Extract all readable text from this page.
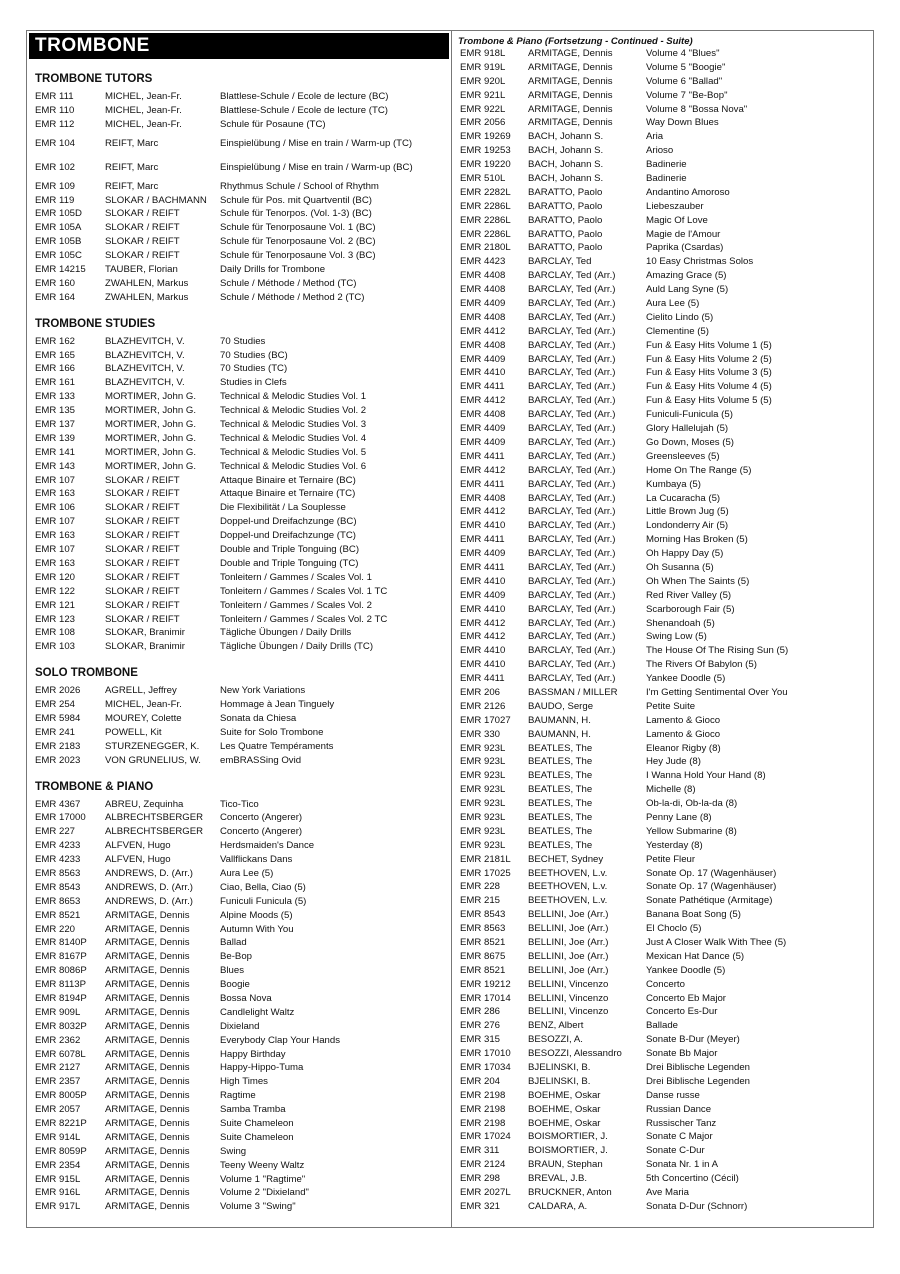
TROMBONE
TROMBONE TUTORS
EMR 111	MICHEL, Jean-Fr.	Blattlese-Schule / Ecole de lecture (BC)
EMR 110	MICHEL, Jean-Fr.	Blattlese-Schule / Ecole de lecture (TC)
EMR 112	MICHEL, Jean-Fr.	Schule für Posaune (TC)
EMR 104	REIFT, Marc	Einspielübung / Mise en train / Warm-up (TC)
EMR 102	REIFT, Marc	Einspielübung / Mise en train / Warm-up (BC)
EMR 109	REIFT, Marc	Rhythmus Schule / School of Rhythm
EMR 119	SLOKAR / BACHMANN	Schule für Pos. mit Quartventil (BC)
EMR 105D	SLOKAR / REIFT	Schule für Tenorpos. (Vol. 1-3) (BC)
EMR 105A	SLOKAR / REIFT	Schule für Tenorposaune Vol. 1 (BC)
EMR 105B	SLOKAR / REIFT	Schule für Tenorposaune Vol. 2 (BC)
EMR 105C	SLOKAR / REIFT	Schule für Tenorposaune Vol. 3 (BC)
EMR 14215	TAUBER, Florian	Daily Drills for Trombone
EMR 160	ZWAHLEN, Markus	Schule / Méthode / Method (TC)
EMR 164	ZWAHLEN, Markus	Schule / Méthode / Method 2 (TC)
TROMBONE STUDIES
EMR 162	BLAZHEVITCH, V.	70 Studies
EMR 165	BLAZHEVITCH, V.	70 Studies (BC)
EMR 166	BLAZHEVITCH, V.	70 Studies (TC)
EMR 161	BLAZHEVITCH, V.	Studies in Clefs
EMR 133	MORTIMER, John G.	Technical & Melodic Studies Vol. 1
EMR 135	MORTIMER, John G.	Technical & Melodic Studies Vol. 2
EMR 137	MORTIMER, John G.	Technical & Melodic Studies Vol. 3
EMR 139	MORTIMER, John G.	Technical & Melodic Studies Vol. 4
EMR 141	MORTIMER, John G.	Technical & Melodic Studies Vol. 5
EMR 143	MORTIMER, John G.	Technical & Melodic Studies Vol. 6
EMR 107	SLOKAR / REIFT	Attaque Binaire et Ternaire (BC)
EMR 163	SLOKAR / REIFT	Attaque Binaire et Ternaire (TC)
EMR 106	SLOKAR / REIFT	Die Flexibilität / La Souplesse
EMR 107	SLOKAR / REIFT	Doppel-und Dreifachzunge (BC)
EMR 163	SLOKAR / REIFT	Doppel-und Dreifachzunge (TC)
EMR 107	SLOKAR / REIFT	Double and Triple Tonguing (BC)
EMR 163	SLOKAR / REIFT	Double and Triple Tonguing (TC)
EMR 120	SLOKAR / REIFT	Tonleitern / Gammes / Scales Vol. 1
EMR 122	SLOKAR / REIFT	Tonleitern / Gammes / Scales Vol. 1 TC
EMR 121	SLOKAR / REIFT	Tonleitern / Gammes / Scales Vol. 2
EMR 123	SLOKAR / REIFT	Tonleitern / Gammes / Scales Vol. 2 TC
EMR 108	SLOKAR, Branimir	Tägliche Übungen / Daily Drills
EMR 103	SLOKAR, Branimir	Tägliche Übungen / Daily Drills (TC)
SOLO TROMBONE
EMR 2026	AGRELL, Jeffrey	New York Variations
EMR 254	MICHEL, Jean-Fr.	Hommage à Jean Tinguely
EMR 5984	MOUREY, Colette	Sonata da Chiesa
EMR 241	POWELL, Kit	Suite for Solo Trombone
EMR 2183	STURZENEGGER, K.	Les Quatre Tempéraments
EMR 2023	VON GRUNELIUS, W.	emBRASSing Ovid
TROMBONE & PIANO
EMR 4367	ABREU, Zequinha	Tico-Tico
EMR 17000	ALBRECHTSBERGER	Concerto (Angerer)
EMR 227	ALBRECHTSBERGER	Concerto (Angerer)
EMR 4233	ALFVEN, Hugo	Herdsmaiden's Dance
EMR 4233	ALFVEN, Hugo	Vallflickans Dans
EMR 8563	ANDREWS, D. (Arr.)	Aura Lee (5)
EMR 8543	ANDREWS, D. (Arr.)	Ciao, Bella, Ciao (5)
EMR 8653	ANDREWS, D. (Arr.)	Funiculi Funicula (5)
EMR 8521	ARMITAGE, Dennis	Alpine Moods (5)
EMR 220	ARMITAGE, Dennis	Autumn With You
EMR 8140P	ARMITAGE, Dennis	Ballad
EMR 8167P	ARMITAGE, Dennis	Be-Bop
EMR 8086P	ARMITAGE, Dennis	Blues
EMR 8113P	ARMITAGE, Dennis	Boogie
EMR 8194P	ARMITAGE, Dennis	Bossa Nova
EMR 909L	ARMITAGE, Dennis	Candlelight Waltz
EMR 8032P	ARMITAGE, Dennis	Dixieland
EMR 2362	ARMITAGE, Dennis	Everybody Clap Your Hands
EMR 6078L	ARMITAGE, Dennis	Happy Birthday
EMR 2127	ARMITAGE, Dennis	Happy-Hippo-Tuma
EMR 2357	ARMITAGE, Dennis	High Times
EMR 8005P	ARMITAGE, Dennis	Ragtime
EMR 2057	ARMITAGE, Dennis	Samba Tramba
EMR 8221P	ARMITAGE, Dennis	Suite Chameleon
EMR 914L	ARMITAGE, Dennis	Suite Chameleon
EMR 8059P	ARMITAGE, Dennis	Swing
EMR 2354	ARMITAGE, Dennis	Teeny Weeny Waltz
EMR 915L	ARMITAGE, Dennis	Volume 1 "Ragtime"
EMR 916L	ARMITAGE, Dennis	Volume 2 "Dixieland"
EMR 917L	ARMITAGE, Dennis	Volume 3 "Swing"
Trombone & Piano (Fortsetzung - Continued - Suite)
EMR 918L	ARMITAGE, Dennis	Volume 4 "Blues"
EMR 919L	ARMITAGE, Dennis	Volume 5 "Boogie"
EMR 920L	ARMITAGE, Dennis	Volume 6 "Ballad"
EMR 921L	ARMITAGE, Dennis	Volume 7 "Be-Bop"
EMR 922L	ARMITAGE, Dennis	Volume 8 "Bossa Nova"
EMR 2056	ARMITAGE, Dennis	Way Down Blues
EMR 19269	BACH, Johann S.	Aria
EMR 19253	BACH, Johann S.	Arioso
EMR 19220	BACH, Johann S.	Badinerie
EMR 510L	BACH, Johann S.	Badinerie
EMR 2282L	BARATTO, Paolo	Andantino Amoroso
EMR 2286L	BARATTO, Paolo	Liebeszauber
EMR 2286L	BARATTO, Paolo	Magic Of Love
EMR 2286L	BARATTO, Paolo	Magie de l'Amour
EMR 2180L	BARATTO, Paolo	Paprika (Csardas)
EMR 4423	BARCLAY, Ted	10 Easy Christmas Solos
EMR 4408	BARCLAY, Ted (Arr.)	Amazing Grace (5)
EMR 4408	BARCLAY, Ted (Arr.)	Auld Lang Syne (5)
EMR 4409	BARCLAY, Ted (Arr.)	Aura Lee (5)
EMR 4408	BARCLAY, Ted (Arr.)	Cielito Lindo (5)
EMR 4412	BARCLAY, Ted (Arr.)	Clementine (5)
EMR 4408	BARCLAY, Ted (Arr.)	Fun & Easy Hits Volume 1 (5)
EMR 4409	BARCLAY, Ted (Arr.)	Fun & Easy Hits Volume 2 (5)
EMR 4410	BARCLAY, Ted (Arr.)	Fun & Easy Hits Volume 3 (5)
EMR 4411	BARCLAY, Ted (Arr.)	Fun & Easy Hits Volume 4 (5)
EMR 4412	BARCLAY, Ted (Arr.)	Fun & Easy Hits Volume 5 (5)
EMR 4408	BARCLAY, Ted (Arr.)	Funiculi-Funicula (5)
EMR 4409	BARCLAY, Ted (Arr.)	Glory Hallelujah (5)
EMR 4409	BARCLAY, Ted (Arr.)	Go Down, Moses (5)
EMR 4411	BARCLAY, Ted (Arr.)	Greensleeves (5)
EMR 4412	BARCLAY, Ted (Arr.)	Home On The Range (5)
EMR 4411	BARCLAY, Ted (Arr.)	Kumbaya (5)
EMR 4408	BARCLAY, Ted (Arr.)	La Cucaracha (5)
EMR 4412	BARCLAY, Ted (Arr.)	Little Brown Jug (5)
EMR 4410	BARCLAY, Ted (Arr.)	Londonderry Air (5)
EMR 4411	BARCLAY, Ted (Arr.)	Morning Has Broken (5)
EMR 4409	BARCLAY, Ted (Arr.)	Oh Happy Day (5)
EMR 4411	BARCLAY, Ted (Arr.)	Oh Susanna (5)
EMR 4410	BARCLAY, Ted (Arr.)	Oh When The Saints (5)
EMR 4409	BARCLAY, Ted (Arr.)	Red River Valley (5)
EMR 4410	BARCLAY, Ted (Arr.)	Scarborough Fair (5)
EMR 4412	BARCLAY, Ted (Arr.)	Shenandoah (5)
EMR 4412	BARCLAY, Ted (Arr.)	Swing Low (5)
EMR 4410	BARCLAY, Ted (Arr.)	The House Of The Rising Sun (5)
EMR 4410	BARCLAY, Ted (Arr.)	The Rivers Of Babylon (5)
EMR 4411	BARCLAY, Ted (Arr.)	Yankee Doodle (5)
EMR 206	BASSMAN / MILLER	I'm Getting Sentimental Over You
EMR 2126	BAUDO, Serge	Petite Suite
EMR 17027	BAUMANN, H.	Lamento & Gioco
EMR 330	BAUMANN, H.	Lamento & Gioco
EMR 923L	BEATLES, The	Eleanor Rigby (8)
EMR 923L	BEATLES, The	Hey Jude (8)
EMR 923L	BEATLES, The	I Wanna Hold Your Hand (8)
EMR 923L	BEATLES, The	Michelle (8)
EMR 923L	BEATLES, The	Ob-la-di, Ob-la-da (8)
EMR 923L	BEATLES, The	Penny Lane (8)
EMR 923L	BEATLES, The	Yellow Submarine (8)
EMR 923L	BEATLES, The	Yesterday (8)
EMR 2181L	BECHET, Sydney	Petite Fleur
EMR 17025	BEETHOVEN, L.v.	Sonate Op. 17 (Wagenhäuser)
EMR 228	BEETHOVEN, L.v.	Sonate Op. 17 (Wagenhäuser)
EMR 215	BEETHOVEN, L.v.	Sonate Pathétique (Armitage)
EMR 8543	BELLINI, Joe (Arr.)	Banana Boat Song (5)
EMR 8563	BELLINI, Joe (Arr.)	El Choclo (5)
EMR 8521	BELLINI, Joe (Arr.)	Just A Closer Walk With Thee (5)
EMR 8675	BELLINI, Joe (Arr.)	Mexican Hat Dance (5)
EMR 8521	BELLINI, Joe (Arr.)	Yankee Doodle (5)
EMR 19212	BELLINI, Vincenzo	Concerto
EMR 17014	BELLINI, Vincenzo	Concerto Eb Major
EMR 286	BELLINI, Vincenzo	Concerto Es-Dur
EMR 276	BENZ, Albert	Ballade
EMR 315	BESOZZI, A.	Sonate B-Dur (Meyer)
EMR 17010	BESOZZI, Alessandro	Sonate Bb Major
EMR 17034	BJELINSKI, B.	Drei Biblische Legenden
EMR 204	BJELINSKI, B.	Drei Biblische Legenden
EMR 2198	BOEHME, Oskar	Danse russe
EMR 2198	BOEHME, Oskar	Russian Dance
EMR 2198	BOEHME, Oskar	Russischer Tanz
EMR 17024	BOISMORTIER, J.	Sonate C Major
EMR 311	BOISMORTIER, J.	Sonate C-Dur
EMR 2124	BRAUN, Stephan	Sonata Nr. 1 in A
EMR 298	BREVAL, J.B.	5th Concertino (Cécil)
EMR 2027L	BRUCKNER, Anton	Ave Maria
EMR 321	CALDARA, A.	Sonata D-Dur (Schnorr)
